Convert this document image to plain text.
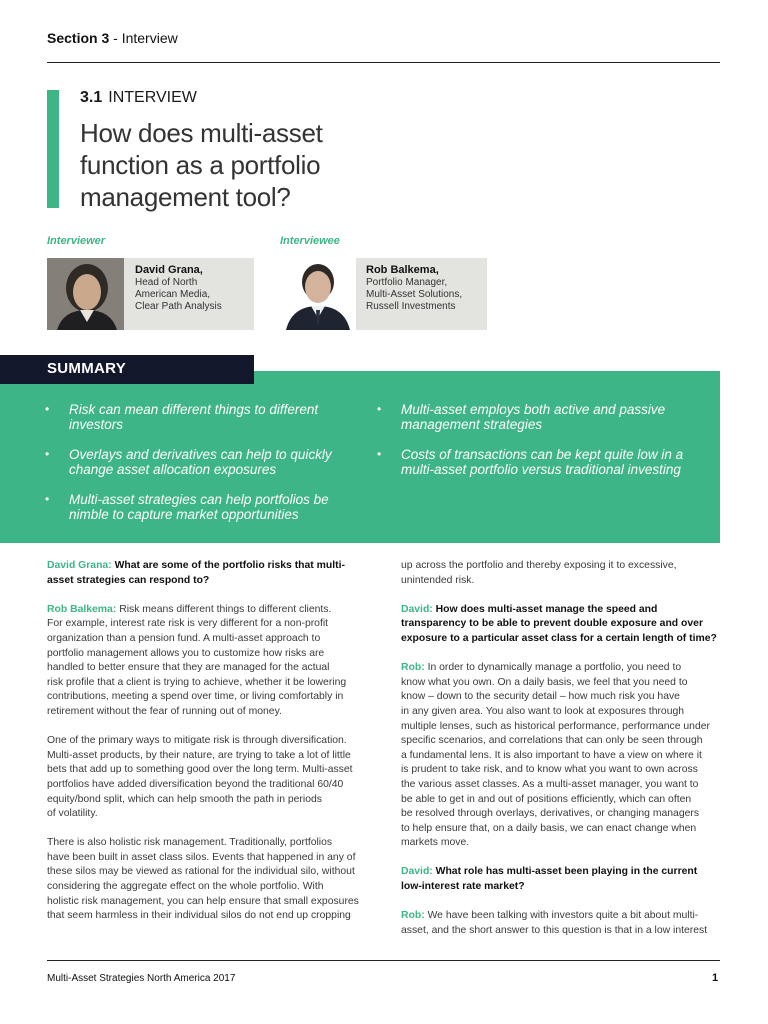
Section 3 - Interview
3.1 INTERVIEW
How does multi-asset function as a portfolio management tool?
Interviewer
David Grana,
Head of North
American Media,
Clear Path Analysis
Interviewee
Rob Balkema,
Portfolio Manager,
Multi-Asset Solutions,
Russell Investments
SUMMARY
• Risk can mean different things to different
investors
• Overlays and derivatives can help to quickly
change asset allocation exposures
• Multi-asset strategies can help portfolios be
nimble to capture market opportunities
• Multi-asset employs both active and passive
management strategies
• Costs of transactions can be kept quite low in a
multi-asset portfolio versus traditional investing

David Grana: What are some of the portfolio risks that multi-
asset strategies can respond to?

Rob Balkema: Risk means different things to different clients.
For example, interest rate risk is very different for a non-profit
organization than a pension fund. A multi-asset approach to
portfolio management allows you to customize how risks are
handled to better ensure that they are managed for the actual
risk profile that a client is trying to achieve, whether it be lowering
contributions, meeting a spend over time, or living comfortably in
retirement without the fear of running out of money.

One of the primary ways to mitigate risk is through diversification.
Multi-asset products, by their nature, are trying to take a lot of little
bets that add up to something good over the long term. Multi-asset
portfolios have added diversification beyond the traditional 60/40
equity/bond split, which can help smooth the path in periods
of volatility.

There is also holistic risk management. Traditionally, portfolios
have been built in asset class silos. Events that happened in any of
these silos may be viewed as rational for the individual silo, without
considering the aggregate effect on the whole portfolio. With
holistic risk management, you can help ensure that small exposures
that seem harmless in their individual silos do not end up cropping

up across the portfolio and thereby exposing it to excessive,
unintended risk.

David: How does multi-asset manage the speed and
transparency to be able to prevent double exposure and over
exposure to a particular asset class for a certain length of time?

Rob: In order to dynamically manage a portfolio, you need to
know what you own. On a daily basis, we feel that you need to
know – down to the security detail – how much risk you have
in any given area. You also want to look at exposures through
multiple lenses, such as historical performance, performance under
specific scenarios, and correlations that can only be seen through
a fundamental lens. It is also important to have a view on where it
is prudent to take risk, and to know what you want to own across
the various asset classes. As a multi-asset manager, you want to
be able to get in and out of positions efficiently, which can often
be resolved through overlays, derivatives, or changing managers
to help ensure that, on a daily basis, we can enact change when
markets move.

David: What role has multi-asset been playing in the current
low-interest rate market?

Rob: We have been talking with investors quite a bit about multi-
asset, and the short answer to this question is that in a low interest

Multi-Asset Strategies North America 2017	1
